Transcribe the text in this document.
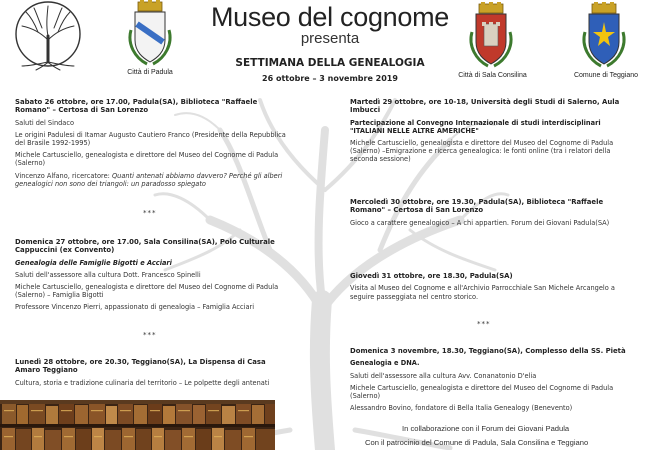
Città di Padula	Città di Sala Consilina	Comune di Teggiano
Museo del cognome
presenta
SETTIMANA DELLA GENEALOGIA
26 ottobre – 3 novembre 2019
Sabato 26 ottobre, ore 17.00, Padula(SA), Biblioteca "Raffaele Romano" – Certosa di San Lorenzo

Saluti del Sindaco

Le origini Padulesi di Itamar Augusto Cautiero Franco (Presidente della Repubblica del Brasile 1992-1995)

Michele Cartusciello, genealogista e direttore del Museo del Cognome di Padula (Salerno)

Vincenzo Alfano, ricercatore: Quanti antenati abbiamo davvero? Perché gli alberi genealogici non sono dei triangoli: un paradosso spiegato

***
Domenica 27 ottobre, ore 17.00, Sala Consilina(SA), Polo Culturale Cappuccini (ex Convento)
Genealogia delle Famiglie Bigotti e Acciari

Saluti dell'assessore alla cultura Dott. Francesco Spinelli

Michele Cartusciello, genealogista e direttore del Museo del Cognome di Padula (Salerno) – Famiglia Bigotti

Professore Vincenzo Pierri, appassionato di genealogia – Famiglia Acciari

***
Lunedì 28 ottobre, ore 20.30, Teggiano(SA), La Dispensa di Casa Amaro Teggiano

Cultura, storia e tradizione culinaria del territorio – Le polpette degli antenati

Martedì 29 ottobre, ore 10-18, Università degli Studi di Salerno, Aula Imbucci
Partecipazione al Convegno Internazionale di studi interdisciplinari "ITALIANI NELLE ALTRE AMERICHE"

Michele Cartusciello, genealogista e direttore del Museo del Cognome di Padula (Salerno) –Emigrazione e ricerca genealogica: le fonti online (tra i relatori della seconda sessione)

Mercoledì 30 ottobre, ore 19.30, Padula(SA), Biblioteca "Raffaele Romano" – Certosa di San Lorenzo

Gioco a carattere genealogico – A chi appartien. Forum dei Giovani Padula(SA)

Giovedì 31 ottobre, ore 18.30, Padula(SA)

Visita al Museo del Cognome e all'Archivio Parrocchiale San Michele Arcangelo a seguire passeggiata nel centro storico.

***
Domenica 3 novembre, 18.30, Teggiano(SA), Complesso della SS. Pietà
Genealogia e DNA.

Saluti dell'assessore alla cultura Avv. Conanatonio D'elia

Michele Cartusciello, genealogista e direttore del Museo del Cognome di Padula (Salerno)

Alessandro Bovino, fondatore di Bella Italia Genealogy (Benevento)

In collaborazione con il Forum dei Giovani Padula
Con il patrocinio del Comune di Padula, Sala Consilina e Teggiano
